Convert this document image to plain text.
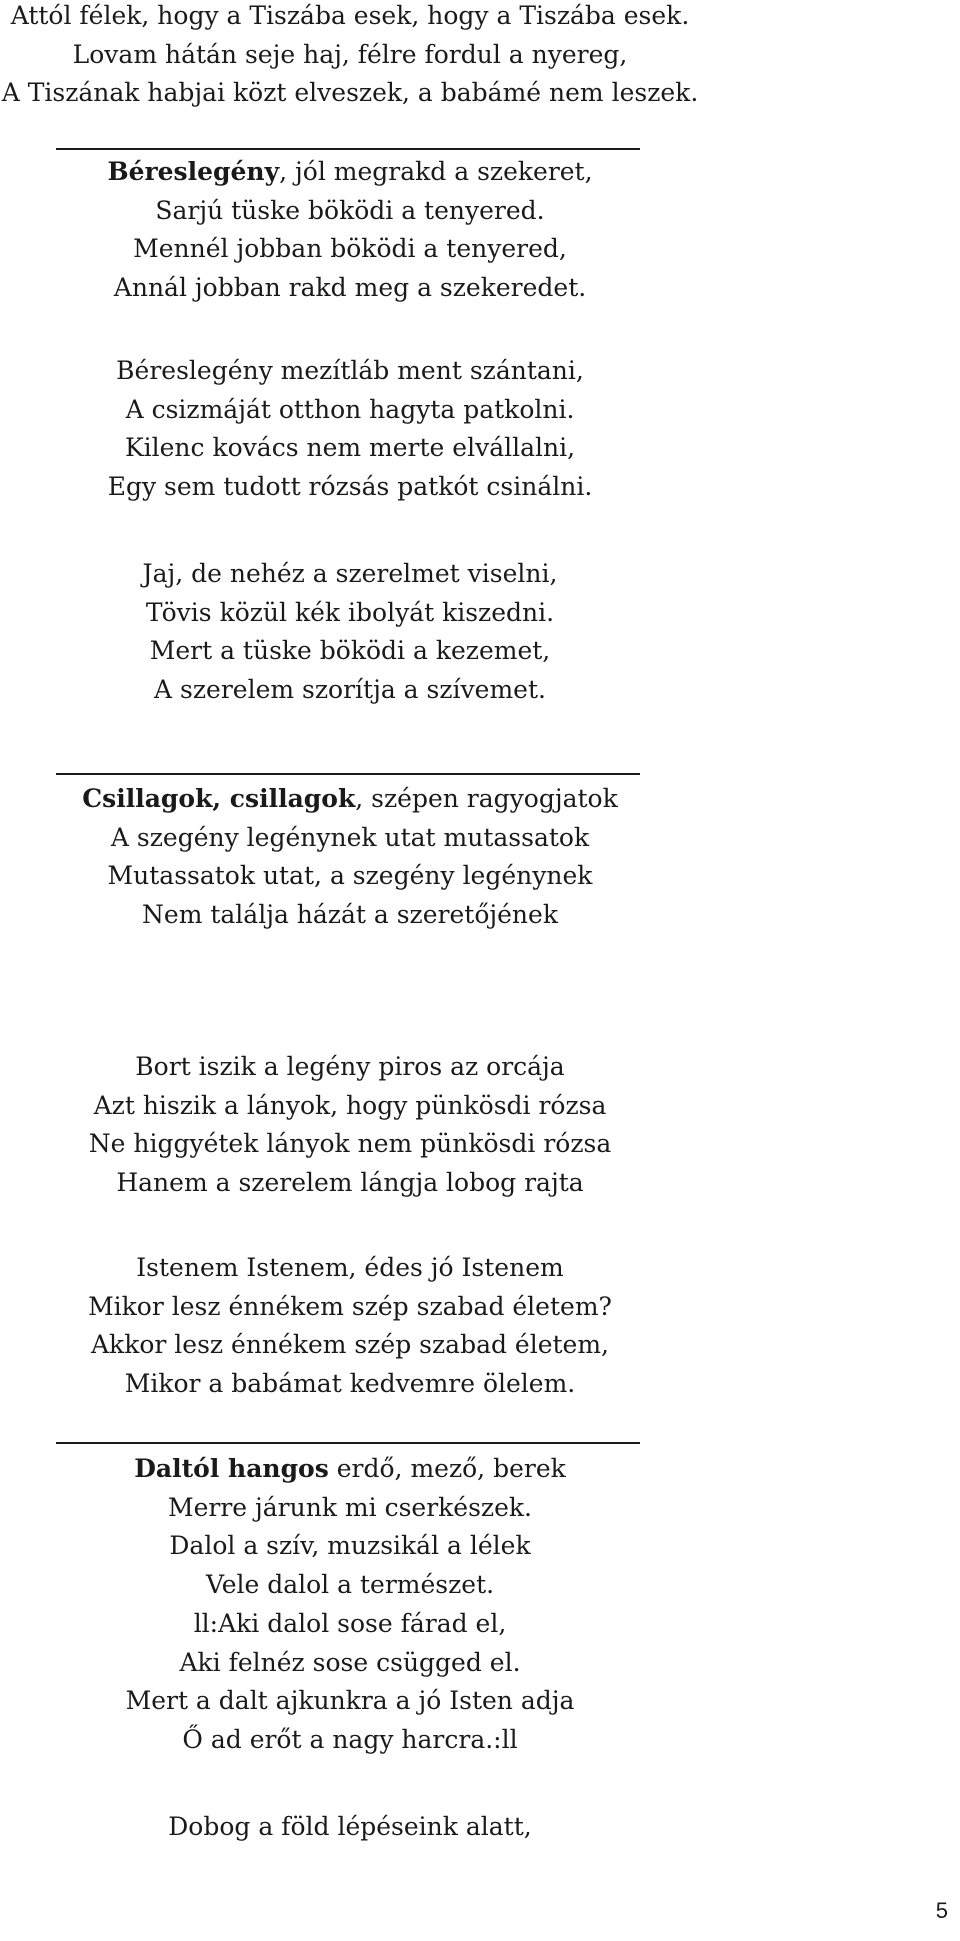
Attól félek, hogy a Tiszába esek, hogy a Tiszába esek.
Lovam hátán seje haj, félre fordul a nyereg,
A Tiszának habjai közt elveszek, a babámé nem leszek.
Béreslegény, jól megrakd a szekeret,
Sarjú tüske böködi a tenyered.
Mennél jobban böködi a tenyered,
Annál jobban rakd meg a szekeredet.
Béreslegény mezítláb ment szántani,
A csizmáját otthon hagyta patkolni.
Kilenc kovács nem merte elvállalni,
Egy sem tudott rózsás patkót csinálni.
Jaj, de nehéz a szerelmet viselni,
Tövis közül kék ibolyát kiszedni.
Mert a tüske böködi a kezemet,
A szerelem szorítja a szívemet.
Csillagok, csillagok, szépen ragyogjatok
A szegény legénynek utat mutassatok
Mutassatok utat, a szegény legénynek
Nem találja házát a szeretőjének
Bort iszik a legény piros az orcája
Azt hiszik a lányok, hogy pünkösdi rózsa
Ne higgyétek lányok nem pünkösdi rózsa
Hanem a szerelem lángja lobog rajta
Istenem Istenem, édes jó Istenem
Mikor lesz énnékem szép szabad életem?
Akkor lesz énnékem szép szabad életem,
Mikor a babámat kedvemre ölelem.
Daltól hangos erdő, mező, berek
Merre járunk mi cserkészek.
Dalol a szív, muzsikál a lélek
Vele dalol a természet.
ll:Aki dalol sose fárad el,
Aki felnéz sose csügged el.
Mert a dalt ajkunkra a jó Isten adja
Ő ad erőt a nagy harcra.:ll
Dobog a föld lépéseink alatt,
5
